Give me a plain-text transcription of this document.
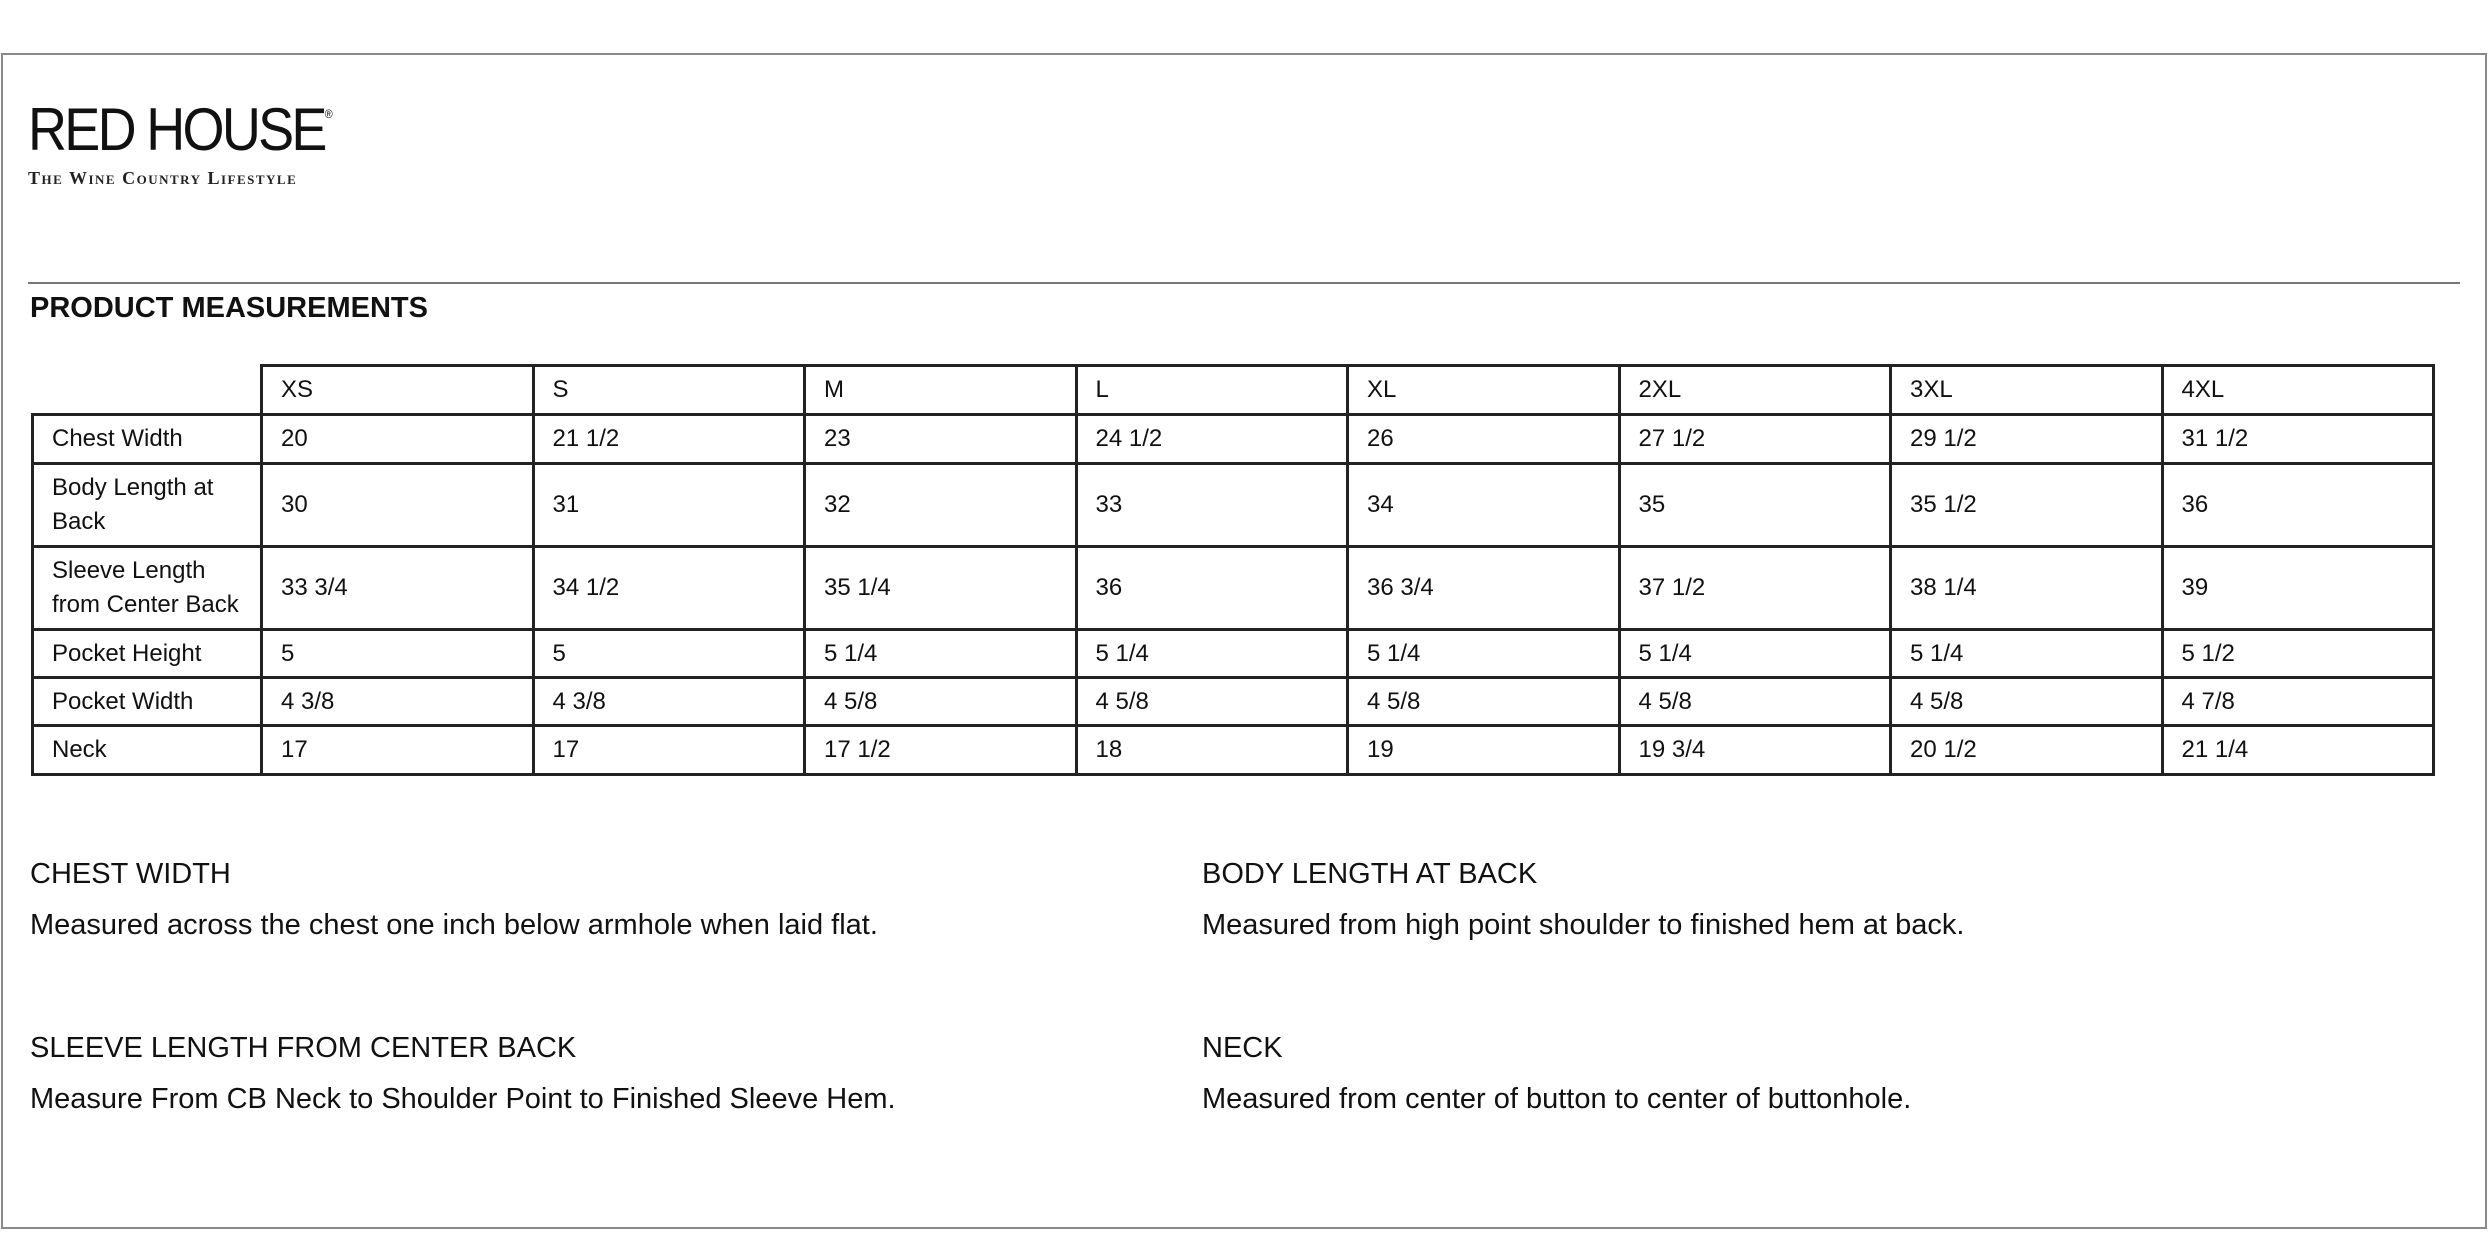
RED HOUSE®
The Wine Country Lifestyle
PRODUCT MEASUREMENTS
	XS	S	M	L	XL	2XL	3XL	4XL
Chest Width	20	21 1/2	23	24 1/2	26	27 1/2	29 1/2	31 1/2
Body Length at Back	30	31	32	33	34	35	35 1/2	36
Sleeve Length from Center Back	33 3/4	34 1/2	35 1/4	36	36 3/4	37 1/2	38 1/4	39
Pocket Height	5	5	5 1/4	5 1/4	5 1/4	5 1/4	5 1/4	5 1/2
Pocket Width	4 3/8	4 3/8	4 5/8	4 5/8	4 5/8	4 5/8	4 5/8	4 7/8
Neck	17	17	17 1/2	18	19	19 3/4	20 1/2	21 1/4
CHEST WIDTH
Measured across the chest one inch below armhole when laid flat.
BODY LENGTH AT BACK
Measured from high point shoulder to finished hem at back.
SLEEVE LENGTH FROM CENTER BACK
Measure From CB Neck to Shoulder Point to Finished Sleeve Hem.
NECK
Measured from center of button to center of buttonhole.
